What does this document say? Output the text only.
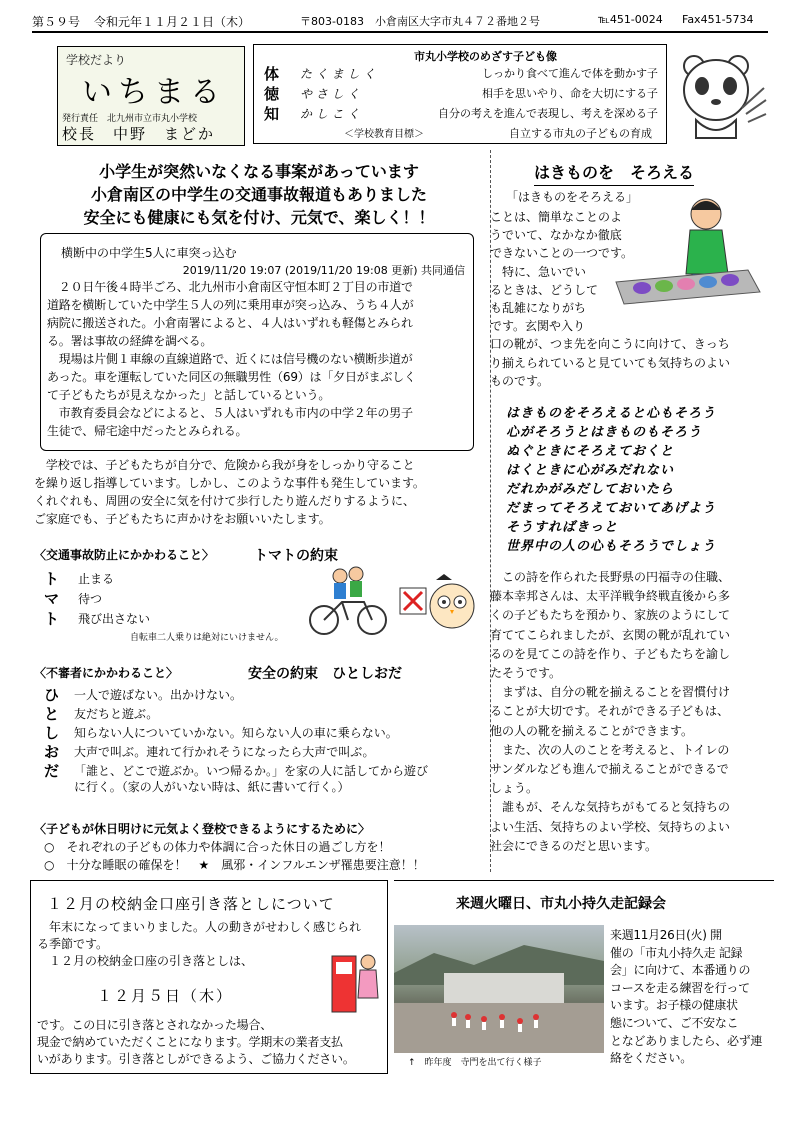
第５９号 令和元年１１月２１日（木）	〒803-0183　小倉南区大字市丸４７２番地２号	℡451-0024 Fax451-5734
学校だより
いちまる
発行責任　北九州市立市丸小学校
校長　中野　まどか
市丸小学校のめざす子ども像
体 た く ま し く	しっかり食べて進んで体を動かす子
徳 や さ し く	相手を思いやり、命を大切にする子
知 か し こ く	自分の考えを進んで表現し、考えを深める子
＜学校教育目標＞	自立する市丸の子どもの育成
小学生が突然いなくなる事案があっています
小倉南区の中学生の交通事故報道もありました
安全にも健康にも気を付け、元気で、楽しく！！
横断中の中学生5人に車突っ込む
2019/11/20 19:07 (2019/11/20 19:08 更新) 共同通信
　２０日午後４時半ごろ、北九州市小倉南区守恒本町２丁目の市道で
道路を横断していた中学生５人の列に乗用車が突っ込み、うち４人が
病院に搬送された。小倉南署によると、４人はいずれも軽傷とみられ
る。署は事故の経緯を調べる。
　現場は片側１車線の直線道路で、近くには信号機のない横断歩道が
あった。車を運転していた同区の無職男性（69）は「夕日がまぶしく
て子どもたちが見えなかった」と話しているという。
　市教育委員会などによると、５人はいずれも市内の中学２年の男子
生徒で、帰宅途中だったとみられる。
　学校では、子どもたちが自分で、危険から我が身をしっかり守ること
を繰り返し指導しています。しかし、このような事件も発生しています。
くれぐれも、周囲の安全に気を付けて歩行したり遊んだりするように、
ご家庭でも、子どもたちに声かけをお願いいたします。
〈交通事故防止にかかわること〉	トマトの約束
ト 止まる
マ 待つ
ト 飛び出さない
自転車二人乗りは絶対にいけません。
〈不審者にかかわること〉	安全の約束　ひとしおだ
ひ 一人で遊ばない。出かけない。
と 友だちと遊ぶ。
し 知らない人についていかない。知らない人の車に乗らない。
お 大声で叫ぶ。連れて行かれそうになったら大声で叫ぶ。
だ 「誰と、どこで遊ぶか。いつ帰るか。」を家の人に話してから遊び
に行く。（家の人がいない時は、紙に書いて行く。）
〈子どもが休日明けに元気よく登校できるようにするために〉
○　それぞれの子どもの体力や体調に合った休日の過ごし方を！
○　十分な睡眠の確保を！　★　風邪・インフルエンザ罹患要注意！！
はきものを　そろえる
「はきものをそろえる」
ことは、簡単なことのよ
うでいて、なかなか徹底
できないことの一つです。
　特に、急いでい
るときは、どうして
も乱雑になりがち
です。玄関や入り
口の靴が、つま先を向こうに向けて、きっち
り揃えられていると見ていても気持ちのよい
ものです。
はきものをそろえると心もそろう
心がそろうとはきものもそろう
ぬぐときにそろえておくと
はくときに心がみだれない
だれかがみだしておいたら
だまってそろえておいてあげよう
そうすればきっと
世界中の人の心もそろうでしょう
　この詩を作られた長野県の円福寺の住職、
藤本幸邦さんは、太平洋戦争終戦直後から多
くの子どもたちを預かり、家族のようにして
育ててこられましたが、玄関の靴が乱れてい
るのを見てこの詩を作り、子どもたちを諭し
たそうです。
　まずは、自分の靴を揃えることを習慣付け
ることが大切です。それができる子どもは、
他の人の靴を揃えることができます。
　また、次の人のことを考えると、トイレの
サンダルなども進んで揃えることができるで
しょう。
　誰もが、そんな気持ちがもてると気持ちの
よい生活、気持ちのよい学校、気持ちのよい
社会にできるのだと思います。
１２月の校納金口座引き落としについて
　年末になってまいりました。人の動きがせわしく感じられ
る季節です。
　１２月の校納金口座の引き落としは、
１２月５日（木）
です。この日に引き落とされなかった場合、
現金で納めていただくことになります。学期末の業者支払
いがあります。引き落としができるよう、ご協力ください。
来週火曜日、市丸小持久走記録会
↑　昨年度　寺門を出て行く様子
来週11月26日(火) 開
催の「市丸小持久走 記録
会」に向けて、本番通りの
コースを走る練習を行って
います。お子様の健康状
態について、ご不安なこ
となどありましたら、必ず連
絡をください。
